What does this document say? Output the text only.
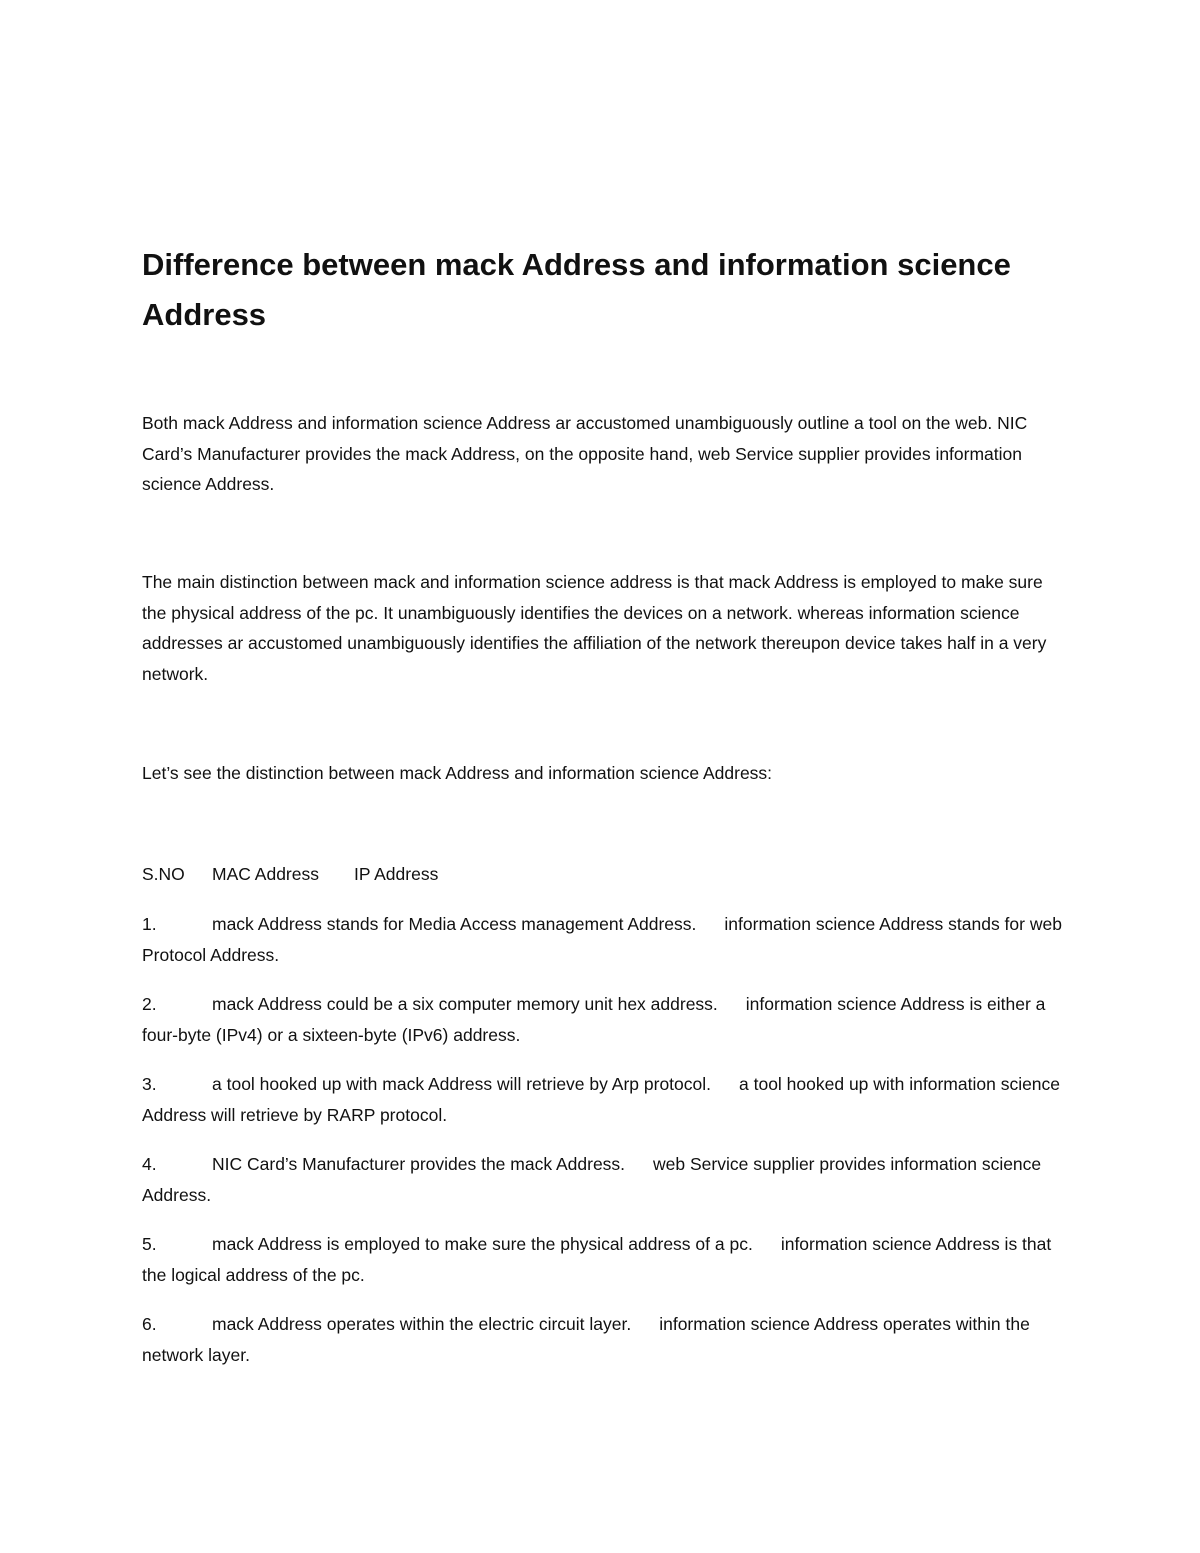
Difference between mack Address and information science Address

Both mack Address and information science Address ar accustomed unambiguously outline a tool on the web. NIC Card’s Manufacturer provides the mack Address, on the opposite hand, web Service supplier provides information science Address.

The main distinction between mack and information science address is that mack Address is employed to make sure the physical address of the pc. It unambiguously identifies the devices on a network. whereas information science addresses ar accustomed unambiguously identifies the affiliation of the network thereupon device takes half in a very network.

Let’s see the distinction between mack Address and information science Address:

S.NO MAC Address IP Address

1.	mack Address stands for Media Access management Address. information science Address stands for web Protocol Address.

2.	mack Address could be a six computer memory unit hex address. information science Address is either a four-byte (IPv4) or a sixteen-byte (IPv6) address.

3.	a tool hooked up with mack Address will retrieve by Arp protocol. a tool hooked up with information science Address will retrieve by RARP protocol.

4.	NIC Card’s Manufacturer provides the mack Address. web Service supplier provides information science Address.

5.	mack Address is employed to make sure the physical address of a pc. information science Address is that the logical address of the pc.

6.	mack Address operates within the electric circuit layer. information science Address operates within the network layer.
